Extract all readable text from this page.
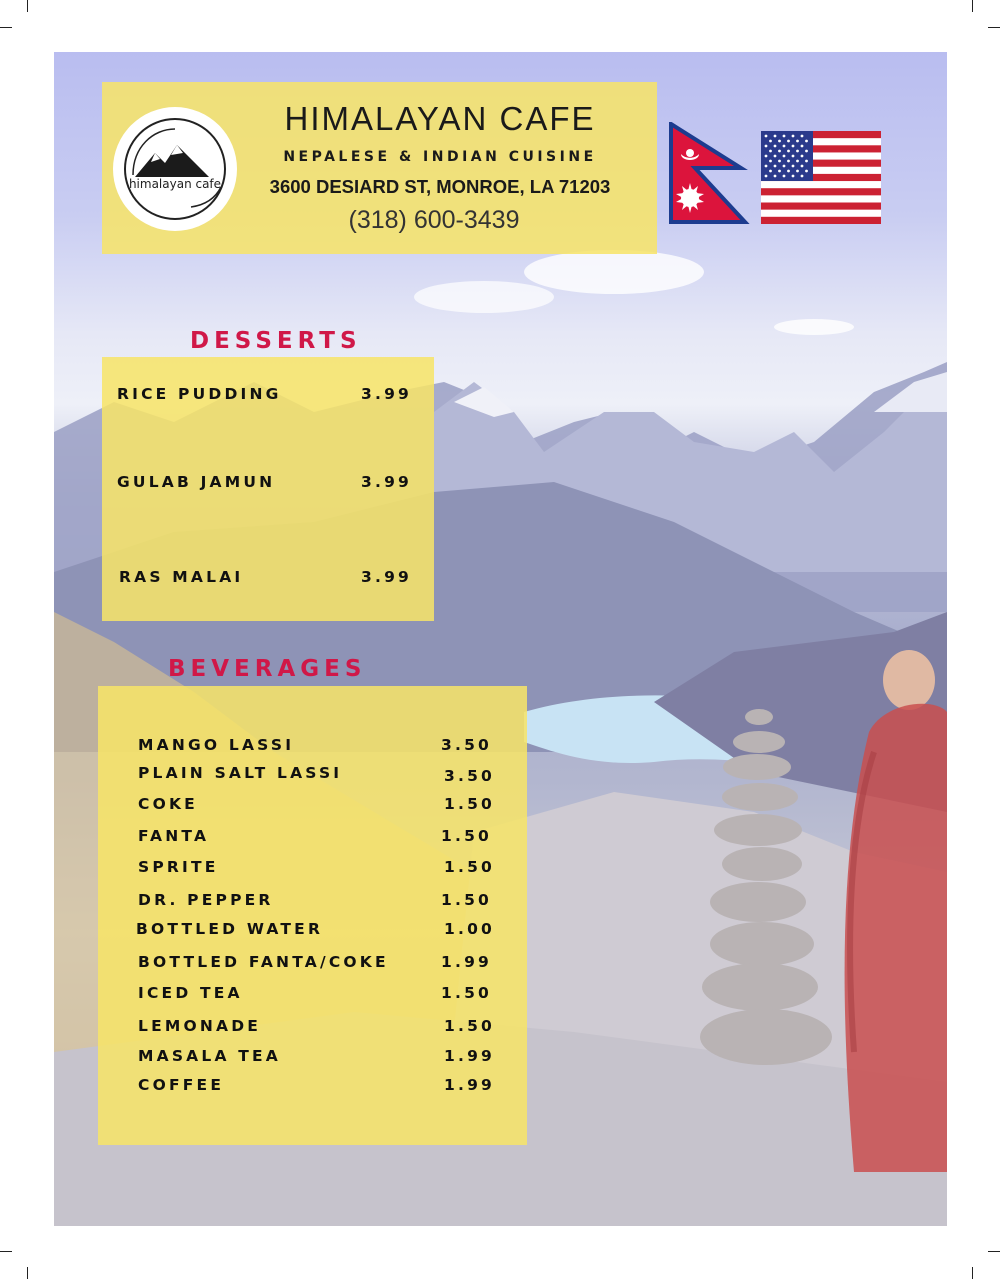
himalayan cafe
HIMALAYAN CAFE
NEPALESE & INDIAN CUISINE
3600 DESIARD ST, MONROE, LA 71203
(318) 600-3439
DESSERTS
RICE PUDDING	3.99
GULAB JAMUN	3.99
RAS MALAI	3.99
BEVERAGES
MANGO LASSI	3.50
PLAIN SALT LASSI	3.50
COKE	1.50
FANTA	1.50
SPRITE	1.50
DR. PEPPER	1.50
BOTTLED WATER	1.00
BOTTLED FANTA/COKE	1.99
ICED TEA	1.50
LEMONADE	1.50
MASALA TEA	1.99
COFFEE	1.99
